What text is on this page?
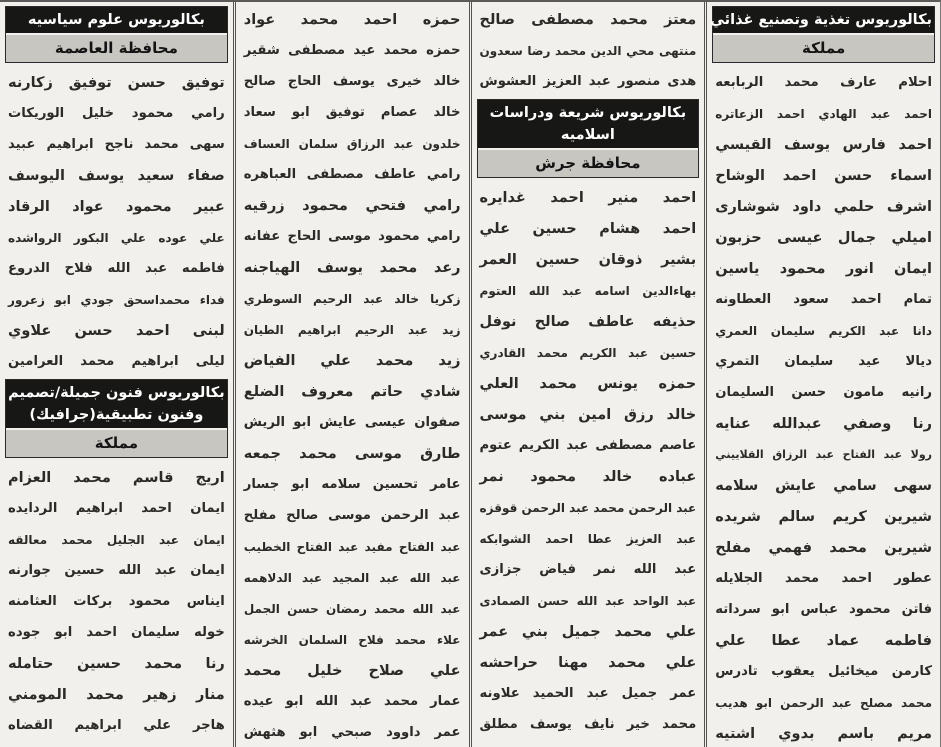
بكالوريوس تغذية وتصنيع غذائي
مملكة
احلام
عارف
محمد
الربابعه
احمد
عبد
الهادي
احمد
الزعاتره
احمد
فارس
يوسف
القيسي
اسماء
حسن
احمد
الوشاح
اشرف
حلمي
داود
شوشارى
اميلي
جمال
عيسى
حزبون
ايمان
انور
محمود
ياسين
تمام
احمد
سعود
العطاونه
دانا
عبد
الكريم
سليمان
العمري
ديالا
عيد
سليمان
التمري
رانيه
مامون
حسن
السليمان
رنا
وصفي
عبدالله
عنايه
رولا
عبد
الفتاح
عبد
الرزاق
القلاييني
سهى
سامي
عايش
سلامه
شيرين
كريم
سالم
شريده
شيرين
محمد
فهمي
مفلح
عطور
احمد
محمد
الجلايله
فاتن
محمود
عباس
ابو
سرداته
فاطمه
عماد
عطا
علي
كارمن
ميخائيل
يعقوب
تادرس
محمد
مصلح
عبد
الرحمن
ابو
هديب
مريم
باسم
بدوي
اشتيه
معتز
محمد
مصطفى
صالح
منتهى
محي
الدين
محمد
رضا
سعدون
هدى
منصور
عبد
العزيز
العشوش
بكالوريوس شريعة ودراسات
اسلاميه
محافظة جرش
احمد
منير
احمد
غدايره
احمد
هشام
حسين
علي
بشير
ذوقان
حسين
العمر
بهاءالدين
اسامه
عبد
الله
العتوم
حذيفه
عاطف
صالح
نوفل
حسين
عبد
الكريم
محمد
القادري
حمزه
يونس
محمد
العلي
خالد
رزق
امين
بني
موسى
عاصم
مصطفى
عبد
الكريم
عتوم
عباده
خالد
محمود
نمر
عبد
الرحمن
محمد
عبد
الرحمن
قوقزه
عبد
العزيز
عطا
احمد
الشوابكه
عبد
الله
نمر
فياض
جزازى
عبد
الواحد
عبد
الله
حسن
الصمادى
علي
محمد
جميل
بني
عمر
علي
محمد
مهنا
حراحشه
عمر
جميل
عبد
الحميد
علاونه
محمد
خير
نايف
يوسف
مطلق
حمزه
احمد
محمد
عواد
حمزه
محمد
عيد
مصطفى
شقير
خالد
خيرى
يوسف
الحاج
صالح
خالد
عصام
توفيق
ابو
سعاد
خلدون
عبد
الرزاق
سلمان
العساف
رامي
عاطف
مصطفى
العباهره
رامي
فتحي
محمود
زرقيه
رامي
محمود
موسى
الحاج
عفانه
رعد
محمد
يوسف
الهياجنه
زكريا
خالد
عبد
الرحيم
السوطري
زيد
عبد
الرحيم
ابراهيم
الطيان
زيد
محمد
علي
الفياض
شادي
حاتم
معروف
الضلع
صفوان
عيسى
عايش
ابو
الريش
طارق
موسى
محمد
جمعه
عامر
تحسين
سلامه
ابو
جسار
عبد
الرحمن
موسى
صالح
مفلح
عبد
الفتاح
مفيد
عبد
الفتاح
الخطيب
عبد
الله
عبد
المجيد
عبد
الدلاهمه
عبد
الله
محمد
رمضان
حسن
الجمل
علاء
محمد
فلاح
السلمان
الخرشه
علي
صلاح
خليل
محمد
عمار
محمد
عبد
الله
ابو
عيده
عمر
داوود
صبحي
ابو
هثهش
بكالوريوس علوم سياسيه
محافظة العاصمة
توفيق
حسن
توفيق
زكارنه
رامي
محمود
خليل
الوريكات
سهى
محمد
ناجح
ابراهيم
عبيد
صفاء
سعيد
يوسف
اليوسف
عبير
محمود
عواد
الرقاد
علي
عوده
علي
البكور
الرواشده
فاطمه
عبد
الله
فلاح
الدروع
فداء
محمداسحق
جودي
ابو
زعرور
لبنى
احمد
حسن
علاوي
ليلى
ابراهيم
محمد
العرامين
بكالوريوس فنون جميلة/تصميم
وفنون تطبيقية(جرافيك)
مملكة
اريج
قاسم
محمد
العزام
ايمان
احمد
ابراهيم
الردايده
ايمان
عبد
الجليل
محمد
معالقه
ايمان
عبد
الله
حسين
جوارنه
ايناس
محمود
بركات
العثامنه
خوله
سليمان
احمد
ابو
جوده
رنا
محمد
حسين
حتامله
منار
زهير
محمد
المومني
هاجر
علي
ابراهيم
القضاه
